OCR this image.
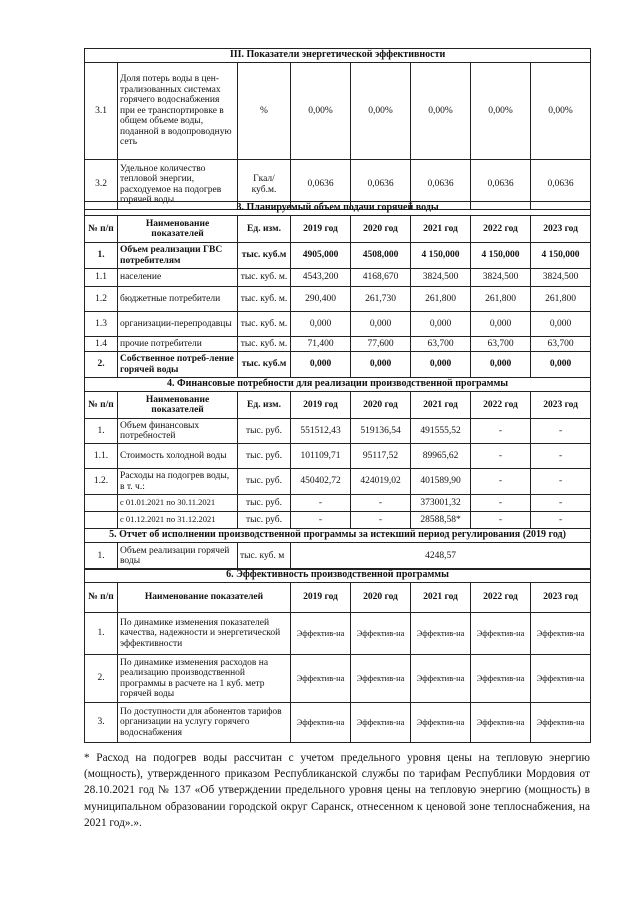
III. Показатели энергетической эффективности							
3.1	Доля потерь воды в цен-трализованных системах горячего водоснабжения при ее транспортировке в общем объеме воды, поданной в водопроводную сеть	%	0,00%	0,00%	0,00%	0,00%	0,00%
3.2	Удельное количество тепловой энергии, расходуемое на подогрев горячей воды	Гкал/ куб.м.	0,0636	0,0636	0,0636	0,0636	0,0636
3. Планируемый объем подачи горячей воды							
№ п/п	Наименование показателей	Ед. изм.	2019 год	2020 год	2021 год	2022 год	2023 год
1.	Объем реализации ГВС потребителям	тыс. куб.м	4905,000	4508,000	4 150,000	4 150,000	4 150,000
1.1	население	тыс. куб. м.	4543,200	4168,670	3824,500	3824,500	3824,500
1.2	бюджетные потребители	тыс. куб. м.	290,400	261,730	261,800	261,800	261,800
1.3	организации-перепродавцы	тыс. куб. м.	0,000	0,000	0,000	0,000	0,000
1.4	прочие потребители	тыс. куб. м.	71,400	77,600	63,700	63,700	63,700
2.	Собственное потреб-ление горячей воды	тыс. куб.м	0,000	0,000	0,000	0,000	0,000
4. Финансовые потребности для реализации производственной программы							
№ п/п	Наименование показателей	Ед. изм.	2019 год	2020 год	2021 год	2022 год	2023 год
1.	Объем финансовых потребностей	тыс. руб.	551512,43	519136,54	491555,52	-	-
1.1.	Стоимость холодной воды	тыс. руб.	101109,71	95117,52	89965,62	-	-
1.2.	Расходы на подогрев воды, в т. ч.:	тыс. руб.	450402,72	424019,02	401589,90	-	-
	с 01.01.2021 по 30.11.2021	тыс. руб.	-	-	373001,32	-	-
	с 01.12.2021 по 31.12.2021	тыс. руб.	-	-	28588,58*	-	-
5. Отчет об исполнении производственной программы за истекший период регулирования (2019 год)							
1.	Объем реализации горячей воды	тыс. куб. м	4248,57				
6. Эффективность производственной программы						
№ п/п	Наименование показателей	2019 год	2020 год	2021 год	2022 год	2023 год
1.	По динамике изменения показателей качества, надежности и энергетической эффективности	Эффектив-на	Эффектив-на	Эффектив-на	Эффектив-на	Эффектив-на
2.	По динамике изменения расходов на реализацию производственной программы в расчете на 1 куб. метр горячей воды	Эффектив-на	Эффектив-на	Эффектив-на	Эффектив-на	Эффектив-на
3.	По доступности для абонентов тарифов организации на услугу горячего водоснабжения	Эффектив-на	Эффектив-на	Эффектив-на	Эффектив-на	Эффектив-на

* Расход на подогрев воды рассчитан с учетом предельного уровня цены на тепловую энергию (мощность), утвержденного приказом Республиканской службы по тарифам Республики Мордовия от 28.10.2021 год № 137 «Об утверждении предельного уровня цены на тепловую энергию (мощность) в муниципальном образовании городской округ Саранск, отнесенном к ценовой зоне теплоснабжения, на 2021 год».».
